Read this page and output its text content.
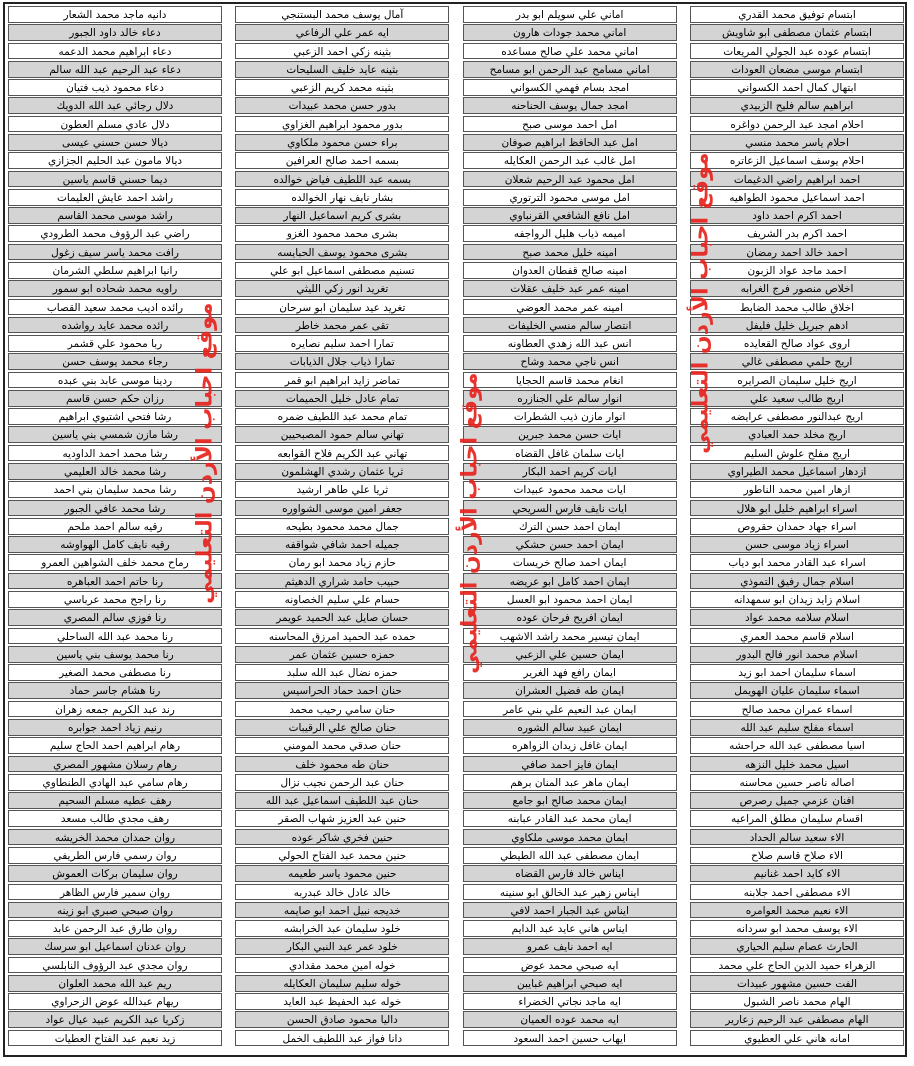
ابتسام توفيق محمد القدري
ابتسام عثمان مصطفى ابو شاويش
ابتسام عوده عبد الجولي المريعات
ابتسام موسى مضعان العودات
ابتهال كمال احمد الكسواني
ابراهيم سالم فليح الزبيدي
احلام امجد عبد الرحمن دواغره
احلام ياسر محمد منسي
احلام يوسف اسماعيل الزعاتره
احمد ابراهيم راضي الدغيمات
احمد اسماعيل محمود الطواهيه
احمد اكرم احمد داود
احمد اكرم بدر الشريف
احمد خالد احمد رمضان
احمد ماجد عواد الزبون
اخلاص منصور فرج الغرابه
اخلاق طالب محمد الضابط
ادهم جبريل خليل فليفل
اروى عواد صالح القعايده
اريج حلمي مصطفى غالي
اريج خليل سليمان الصرايره
اريج طالب سعيد علي
اريج عبدالنور مصطفى عرايضه
اريج مخلد حمد العبادي
اريج مفلح علوش السليم
ازدهار اسماعيل محمد الطيراوي
ازهار امين محمد الناطور
اسراء ابراهيم خليل ابو هلال
اسراء جهاد حمدان حقروص
اسراء زياد موسى حسن
اسراء عبد القادر محمد ابو دياب
اسلام جمال رفيق التموذي
اسلام زايد زيدان ابو سمهدانه
اسلام سلامه محمد عواد
اسلام قاسم محمد العمري
اسلام محمد انور فالح البدور
اسماء سليمان احمد ابو زيد
اسماء سليمان عليان الهويمل
اسماء عمران محمد صالح
اسماء مفلح سليم عبد الله
اسيا مصطفى عبد الله حراحشه
اسيل محمد خليل النزهه
اصاله ناصر حسين محاسنه
افنان عزمي جميل رصرص
اقسام سليمان مطلق المراعيه
الاء سعيد سالم الحداد
الاء صلاح قاسم صلاح
الاء كايد احمد غنانيم
الاء مصطفى احمد جلابنه
الاء نعيم محمد العوامره
الاء يوسف محمد ابو سردانه
الحارث عصام سليم الحياري
الزهراء حميد الدين الحاج علي محمد
الفت حسين مشهور عبيدات
الهام محمد ناصر الشبول
الهام مصطفى عبد الرحيم زعارير
امانه هاني علي العطيوي
اماني علي سويلم ابو بدر
اماني محمد جودات هارون
اماني محمد علي صالح مساعده
اماني مسامح عبد الرحمن ابو مسامح
امجد بسام فهمي الكسواني
امجد جمال يوسف الحناحنه
امل احمد موسى صبح
امل عبد الحافظ ابراهيم صوفان
امل غالب عبد الرحمن العكايله
امل محمود عبد الرحيم شعلان
امل موسى محمود الترتوري
امل نافع الشافعي القرنباوي
اميمه ذياب هليل الرواجفه
امينه خليل محمد صبح
امينه صالح قفطان العدوان
امينه عمر عبد خليف عقلات
امينه عمر محمد العوضي
انتصار سالم منسي الخليفات
انس عبد الله زهدي العطاونه
انس ناجي محمد وشاح
انغام محمد قاسم الحجايا
انوار سالم علي الجنازره
انوار مازن ذيب الشطرات
ايات حسن محمد جبرين
ايات سلمان غافل القضاه
ايات كريم احمد البكار
ايات محمد محمود عبيدات
ايات نايف فارس السريحي
ايمان احمد حسن الترك
ايمان احمد حسن حشكي
ايمان احمد صالح خريسات
ايمان احمد كامل ابو عريضه
ايمان احمد محمود ابو العسل
ايمان افريح فرحان عوده
ايمان تيسير محمد راشد الاشهب
ايمان حسين علي الزعبي
ايمان رافع فهد الغرير
ايمان طه فضيل العشران
ايمان عبد النعيم علي بني عامر
ايمان عبيد سالم الشوره
ايمان غافل زيدان الزواهره
ايمان فايز احمد صافي
ايمان ماهر عبد المنان برهم
ايمان محمد صالح ابو جامع
ايمان محمد عبد القادر عبابنه
ايمان محمد موسى ملكاوي
ايمان مصطفى عبد الله الطيطي
ايناس خالد فارس القضاه
ايناس زهير عبد الخالق ابو سنينه
ايناس عبد الجبار احمد لافي
ايناس هاني عايد عبد الدايم
ايه احمد نايف عمرو
ايه صبحي محمد عوض
ايه صبحي ابراهيم غبايبن
ايه ماجد نجاتي الخضراء
ايه محمد عوده العميان
ايهاب حسين احمد السعود
آمال يوسف محمد البستنجي
ايه عمر علي الرفاعي
بثينه زكي احمد الزعبي
بثينه عايد خليف السليحات
بثينه محمد كريم الزعبي
بدور حسن محمد عبيدات
بدور محمود ابراهيم الغزاوي
براء حسن محمود ملكاوي
بسمه احمد صالح العرافين
بسمه عبد اللطيف فياض خوالده
بشار نايف نهار الخوالده
بشرى كريم اسماعيل النهار
بشرى محمد محمود الغزو
بشرى محمود يوسف الحبايسه
تسنيم مصطفى اسماعيل ابو علي
تغريد انور زكي الليثي
تغريد عيد سليمان ابو سرحان
تقى عمر محمد خاطر
تمارا احمد سليم نصايره
تمارا ذياب جلال الذيابات
تماضر زايد ابراهيم ابو قمر
تمام عادل خليل الحميمات
تمام محمد عبد اللطيف ضمره
تهاني سالم حمود المصبحيين
تهاني عبد الكريم فلاح القوابعه
ثريا عثمان رشدي الهشلمون
ثريا علي طاهر ارشيد
جعفر امين موسى الشواوره
جمال محمد محمود بطيحه
جميله احمد شافي شواقفه
حازم زياد محمد ابو رمان
حبيب حامد شراري الدهيثم
حسام علي سليم الخصاونه
حسان صايل عبد الحميد عويمر
حمده عبد الحميد امرزق المحاسنه
حمزه حسين عثمان عمر
حمزه نضال عبد الله سلبد
حنان احمد حماد الحراسيس
حنان سامي رحيب محمد
حنان صالح علي الرقيبات
حنان صدقي محمد المومني
حنان طه محمود خلف
حنان عبد الرحمن نجيب نزال
حنان عبد اللطيف اسماعيل عبد الله
حنين عبد العزيز شهاب الصقر
حنين فخري شاكر عوده
حنين محمد عبد الفتاح الحولي
حنين محمود ياسر طعيمه
خالد عادل خالد عبدربه
خديجه نبيل احمد ابو صايمه
خلود سليمان عبد الخرابشه
خلود عمر عبد النبي البكار
خوله امين محمد مقدادي
خوله سليم سليمان العكايله
خوله عبد الحفيظ عبد العايد
داليا محمود صادق الحسن
دانا فواز عبد اللطيف الخمل
دانيه ماجد محمد الشعار
دعاء خالد داود الجبور
دعاء ابراهيم محمد الدعمه
دعاء عبد الرحيم عبد الله سالم
دعاء محمود ذيب فتيان
دلال رجائي عبد الله الدويك
دلال عادي مسلم العطون
ديالا حسن حسني عيسى
ديالا مامون عبد الحليم الجزازي
ديما حسني قاسم ياسين
راشد احمد عايش العليمات
راشد موسى محمد القاسم
راضي عبد الرؤوف محمد الطرودي
رافت محمد ياسر سيف زغول
رانيا ابراهيم سلطي الشرمان
راويه محمد شحاده ابو سمور
رائده اديب محمد سعيد القصاب
رائده محمد عايد رواشده
ربا محمود علي قشمر
رجاء محمد يوسف حسن
ردينا موسى عابد بني عبده
رزان حكم حسن قاسم
رشا فتحي اشتيوي ابراهيم
رشا مازن شمسي بني ياسين
رشا محمد احمد الداوديه
رشا محمد خالد العليمي
رشا محمد سليمان بني احمد
رشا محمد عافي الجبور
رقيه سالم احمد ملحم
رقيه نايف كامل الهواوشه
رماح محمد خلف الشواهين العمرو
رنا حاتم احمد العباهره
رنا راجح محمد عرباسي
رنا فوزي سالم المصري
رنا محمد عبد الله الساحلي
رنا محمد يوسف بني ياسين
رنا مصطفى محمد الصغير
رنا هشام جاسر حماد
رند عبد الكريم جمعه زهران
رنيم زياد احمد جوابره
رهام ابراهيم احمد الحاج سليم
رهام رسلان مشهور المصري
رهام سامي عبد الهادي الطنطاوي
رهف عطيه مسلم السحيم
رهف مجدي طالب مسعد
روان حمدان محمد الخريشه
روان رسمي فارس الطريفي
روان سليمان بركات العموش
روان سمير فارس الظاهر
روان صبحي صبري ابو زينه
روان طارق عبد الرحمن عابد
روان عدنان اسماعيل ابو سرسك
روان مجدي عبد الرؤوف النابلسي
ريم عبد الله محمد العلوان
ريهام عبدالله عوض الزحراوي
زكريا عبد الكريم عبيد عيال عواد
زيد نعيم عبد الفتاح العطيات
موقع احباب الأردن التعليمي
موقع احباب الأردن التعليمي
موقع احباب الأردن التعليمي
